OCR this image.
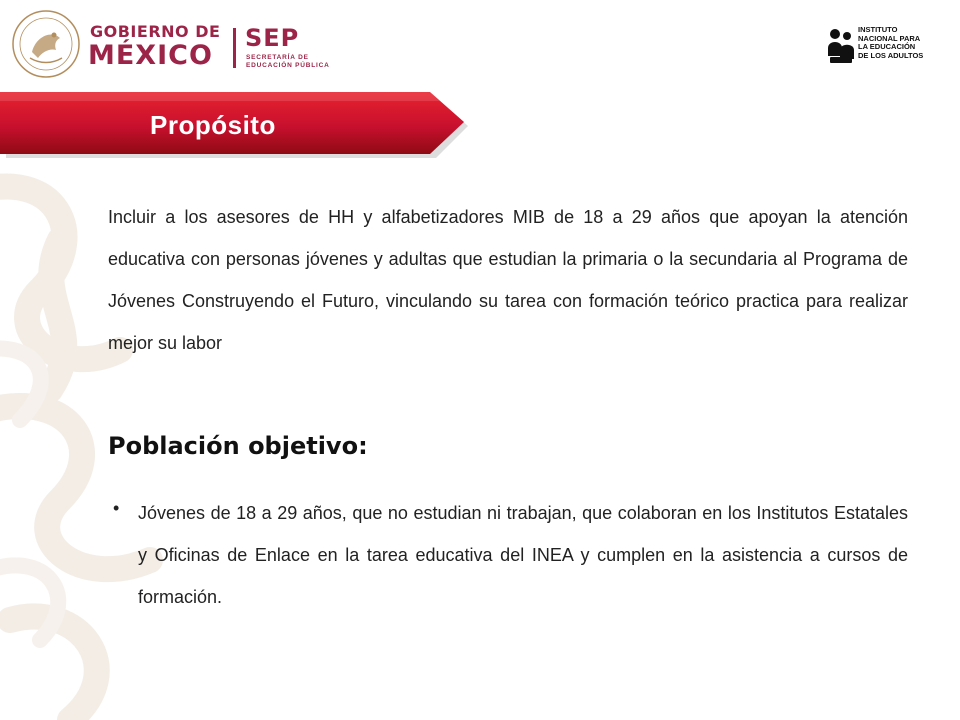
GOBIERNO DE
MÉXICO
SEP
SECRETARÍA DE
EDUCACIÓN PÚBLICA
INSTITUTO
NACIONAL PARA
LA EDUCACIÓN
DE LOS ADULTOS
Propósito

Incluir a los asesores de HH y alfabetizadores MIB de 18 a 29 años que apoyan la atención educativa con personas jóvenes y adultas que estudian la primaria o la secundaria al Programa de Jóvenes Construyendo el Futuro, vinculando su tarea con formación teórico practica para realizar mejor su labor

Población objetivo:
• Jóvenes de 18 a 29 años, que no estudian ni trabajan, que colaboran en los Institutos Estatales y Oficinas de Enlace en la tarea educativa del INEA y cumplen en la asistencia a cursos de formación.
